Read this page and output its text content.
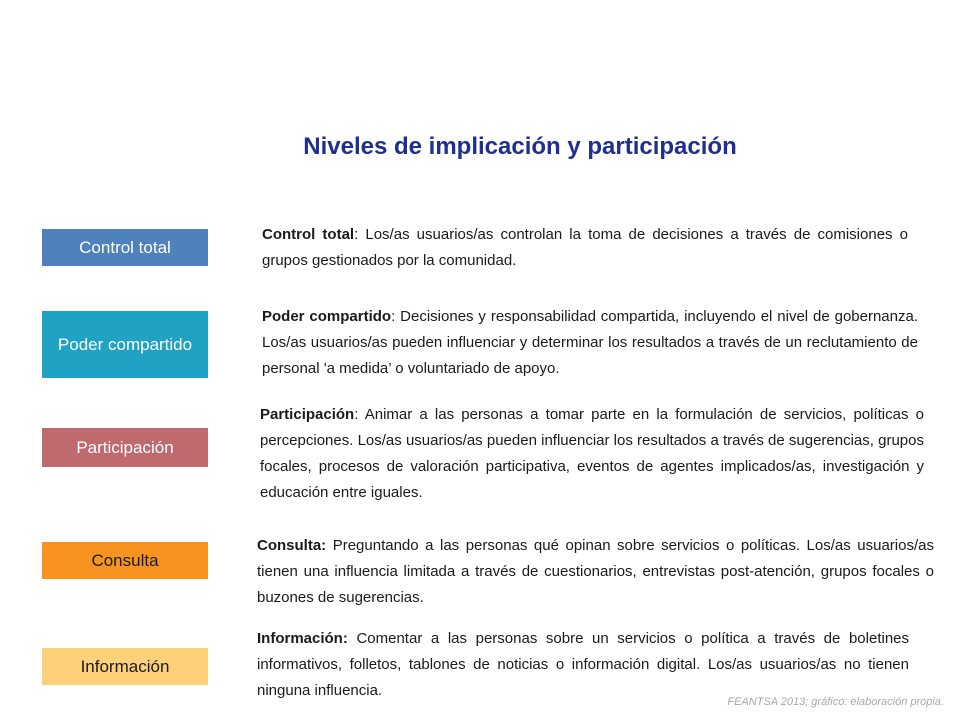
Niveles de implicación y participación
Control total
Control total: Los/as usuarios/as controlan la toma de decisiones a través de comisiones o grupos gestionados por la comunidad.
Poder compartido
Poder compartido: Decisiones y responsabilidad compartida, incluyendo el nivel de gobernanza. Los/as usuarios/as pueden influenciar y determinar los resultados a través de un reclutamiento de personal 'a medida’ o voluntariado de apoyo.
Participación
Participación: Animar a las personas a tomar parte en la formulación de servicios, políticas o percepciones. Los/as usuarios/as pueden influenciar los resultados a través de sugerencias, grupos focales, procesos de valoración participativa, eventos de agentes implicados/as, investigación y educación entre iguales.
Consulta
Consulta: Preguntando a las personas qué opinan sobre servicios o políticas. Los/as usuarios/as tienen una influencia limitada a través de cuestionarios, entrevistas post-atención, grupos focales o buzones de sugerencias.
Información
Información: Comentar a las personas sobre un servicios o política a través de boletines informativos, folletos, tablones de noticias o información digital. Los/as usuarios/as no tienen ninguna influencia.
FEANTSA 2013; gráfico: elaboración propia.
